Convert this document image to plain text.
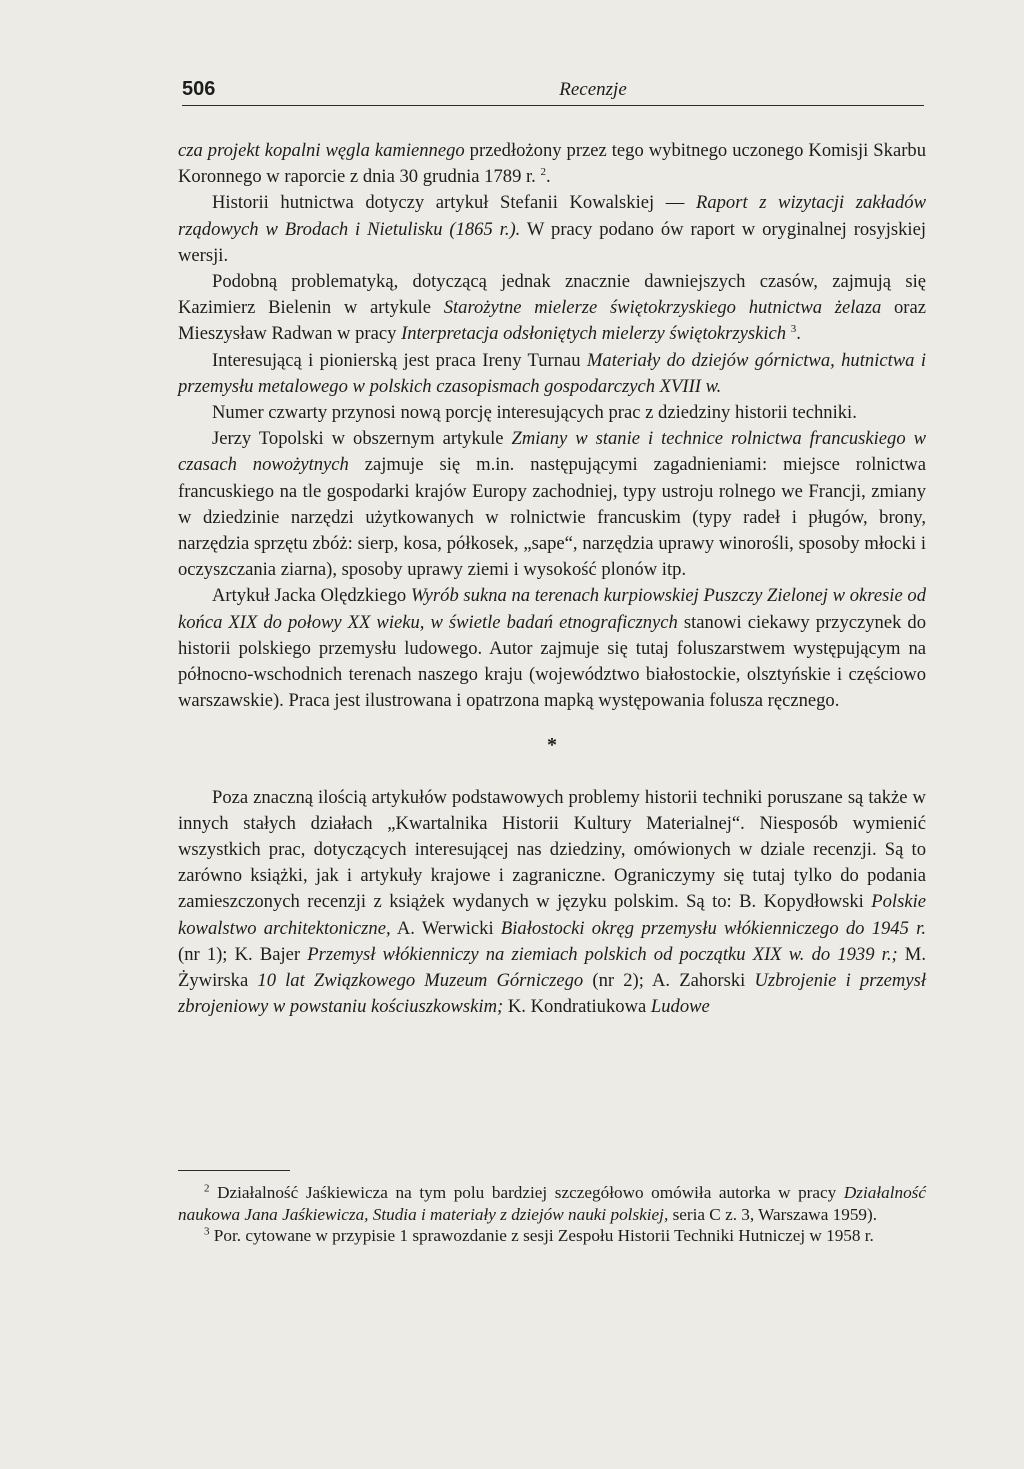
506	Recenzje

cza projekt kopalni węgla kamiennego przedłożony przez tego wybitnego uczonego Komisji Skarbu Koronnego w raporcie z dnia 30 grudnia 1789 r. $^2$.

Historii hutnictwa dotyczy artykuł Stefanii Kowalskiej — Raport z wizytacji zakładów rządowych w Brodach i Nietulisku (1865 r.). W pracy podano ów raport w oryginalnej rosyjskiej wersji.

Podobną problematyką, dotyczącą jednak znacznie dawniejszych czasów, zajmują się Kazimierz Bielenin w artykule Starożytne mielerze świętokrzyskiego hutnictwa żelaza oraz Mieszysław Radwan w pracy Interpretacja odsłoniętych mielerzy świętokrzyskich $^3$.

Interesującą i pionierską jest praca Ireny Turnau Materiały do dziejów górnictwa, hutnictwa i przemysłu metalowego w polskich czasopismach gospodarczych XVIII w.

Numer czwarty przynosi nową porcję interesujących prac z dziedziny historii techniki.

Jerzy Topolski w obszernym artykule Zmiany w stanie i technice rolnictwa francuskiego w czasach nowożytnych zajmuje się m.in. następującymi zagadnieniami: miejsce rolnictwa francuskiego na tle gospodarki krajów Europy zachodniej, typy ustroju rolnego we Francji, zmiany w dziedzinie narzędzi użytkowanych w rolnictwie francuskim (typy radeł i pługów, brony, narzędzia sprzętu zbóż: sierp, kosa, półkosek, „sape“, narzędzia uprawy winorośli, sposoby młocki i oczyszczania ziarna), sposoby uprawy ziemi i wysokość plonów itp.

Artykuł Jacka Olędzkiego Wyrób sukna na terenach kurpiowskiej Puszczy Zielonej w okresie od końca XIX do połowy XX wieku, w świetle badań etnograficznych stanowi ciekawy przyczynek do historii polskiego przemysłu ludowego. Autor zajmuje się tutaj foluszarstwem występującym na północno-wschodnich terenach naszego kraju (województwo białostockie, olsztyńskie i częściowo warszawskie). Praca jest ilustrowana i opatrzona mapką występowania folusza ręcznego.

*

Poza znaczną ilością artykułów podstawowych problemy historii techniki poruszane są także w innych stałych działach „Kwartalnika Historii Kultury Materialnej“. Niesposób wymienić wszystkich prac, dotyczących interesującej nas dziedziny, omówionych w dziale recenzji. Są to zarówno książki, jak i artykuły krajowe i zagraniczne. Ograniczymy się tutaj tylko do podania zamieszczonych recenzji z książek wydanych w języku polskim. Są to: B. Kopydłowski Polskie kowalstwo architektoniczne, A. Werwicki Białostocki okręg przemysłu włókienniczego do 1945 r. (nr 1); K. Bajer Przemysł włókienniczy na ziemiach polskich od początku XIX w. do 1939 r.; M. Żywirska 10 lat Związkowego Muzeum Górniczego (nr 2); A. Zahorski Uzbrojenie i przemysł zbrojeniowy w powstaniu kościuszkowskim; K. Kondratiukowa Ludowe

$^2$ Działalność Jaśkiewicza na tym polu bardziej szczegółowo omówiła autorka w pracy Działalność naukowa Jana Jaśkiewicza, Studia i materiały z dziejów nauki polskiej, seria C z. 3, Warszawa 1959).

$^3$ Por. cytowane w przypisie 1 sprawozdanie z sesji Zespołu Historii Techniki Hutniczej w 1958 r.
